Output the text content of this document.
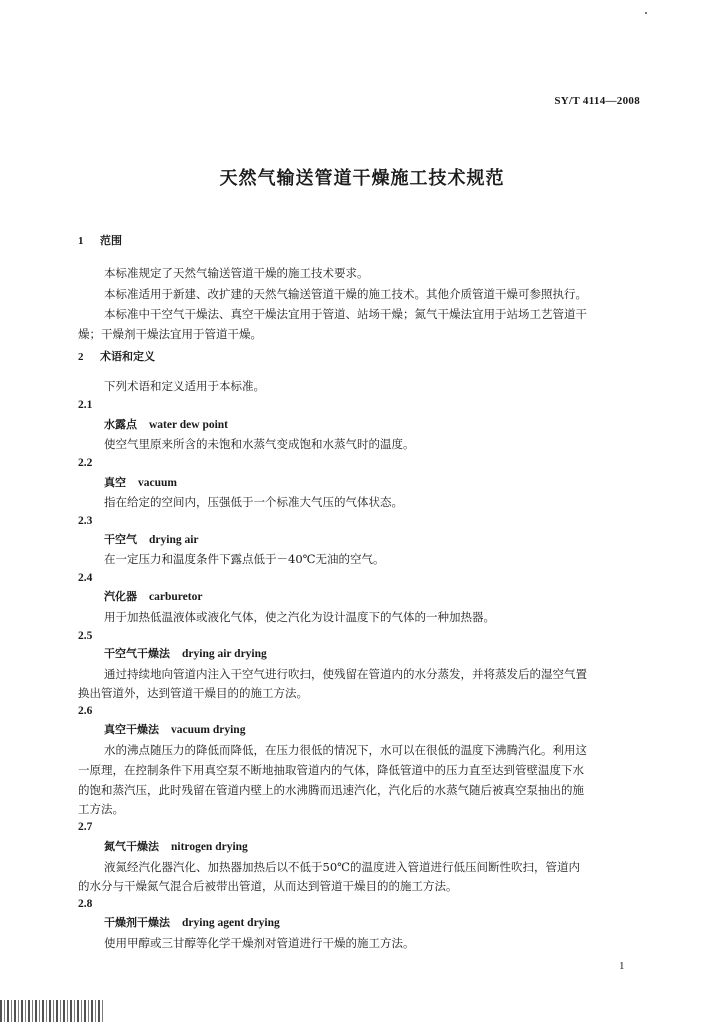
SY/T 4114—2008
天然气输送管道干燥施工技术规范
1 范围
本标准规定了天然气输送管道干燥的施工技术要求。
本标准适用于新建、改扩建的天然气输送管道干燥的施工技术。其他介质管道干燥可参照执行。
本标准中干空气干燥法、真空干燥法宜用于管道、站场干燥；氮气干燥法宜用于站场工艺管道干
燥；干燥剂干燥法宜用于管道干燥。
2 术语和定义
下列术语和定义适用于本标准。
2.1
水露点 water dew point
使空气里原来所含的未饱和水蒸气变成饱和水蒸气时的温度。
2.2
真空 vacuum
指在给定的空间内，压强低于一个标准大气压的气体状态。
2.3
干空气 drying air
在一定压力和温度条件下露点低于－40℃无油的空气。
2.4
汽化器 carburetor
用于加热低温液体或液化气体，使之汽化为设计温度下的气体的一种加热器。
2.5
干空气干燥法 drying air drying
通过持续地向管道内注入干空气进行吹扫，使残留在管道内的水分蒸发，并将蒸发后的湿空气置
换出管道外，达到管道干燥目的的施工方法。
2.6
真空干燥法 vacuum drying
水的沸点随压力的降低而降低，在压力很低的情况下，水可以在很低的温度下沸腾汽化。利用这
一原理，在控制条件下用真空泵不断地抽取管道内的气体，降低管道中的压力直至达到管壁温度下水
的饱和蒸汽压，此时残留在管道内壁上的水沸腾而迅速汽化，汽化后的水蒸气随后被真空泵抽出的施
工方法。
2.7
氮气干燥法 nitrogen drying
液氮经汽化器汽化、加热器加热后以不低于50℃的温度进入管道进行低压间断性吹扫，管道内
的水分与干燥氮气混合后被带出管道，从而达到管道干燥目的的施工方法。
2.8
干燥剂干燥法 drying agent drying
使用甲醇或三甘醇等化学干燥剂对管道进行干燥的施工方法。
1
